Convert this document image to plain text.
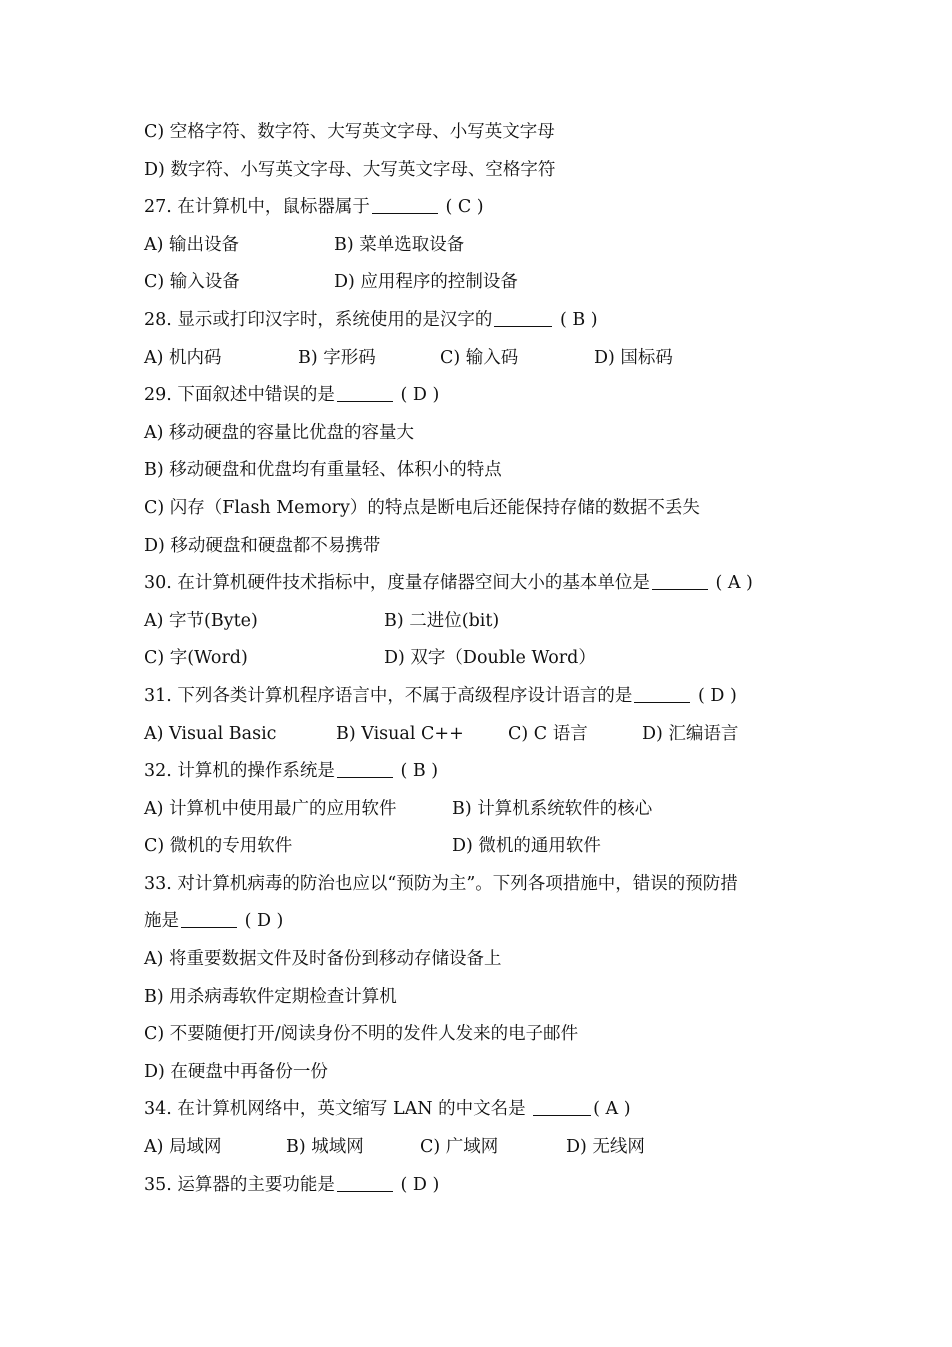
C) 空格字符、数字符、大写英文字母、小写英文字母
D) 数字符、小写英文字母、大写英文字母、空格字符
27. 在计算机中，鼠标器属于	( C )
A) 输出设备	B) 菜单选取设备
C) 输入设备	D) 应用程序的控制设备
28. 显示或打印汉字时，系统使用的是汉字的	( B )
A) 机内码	B) 字形码	C) 输入码	D) 国标码
29. 下面叙述中错误的是	( D )
A) 移动硬盘的容量比优盘的容量大
B) 移动硬盘和优盘均有重量轻、体积小的特点
C) 闪存（Flash Memory）的特点是断电后还能保持存储的数据不丢失
D) 移动硬盘和硬盘都不易携带
30. 在计算机硬件技术指标中，度量存储器空间大小的基本单位是	( A )
A) 字节(Byte)	B) 二进位(bit)
C) 字(Word)	D) 双字（Double Word）
31. 下列各类计算机程序语言中，不属于高级程序设计语言的是	( D )
A) Visual Basic	B) Visual C++	C) C 语言	D) 汇编语言
32. 计算机的操作系统是	( B )
A) 计算机中使用最广的应用软件	B) 计算机系统软件的核心
C) 微机的专用软件	D) 微机的通用软件
33. 对计算机病毒的防治也应以“预防为主”。下列各项措施中，错误的预防措
施是	( D )
A) 将重要数据文件及时备份到移动存储设备上
B) 用杀病毒软件定期检查计算机
C) 不要随便打开/阅读身份不明的发件人发来的电子邮件
D) 在硬盘中再备份一份
34. 在计算机网络中，英文缩写 LAN 的中文名是	( A )
A) 局域网	B) 城域网	C) 广域网	D) 无线网
35. 运算器的主要功能是	( D )
